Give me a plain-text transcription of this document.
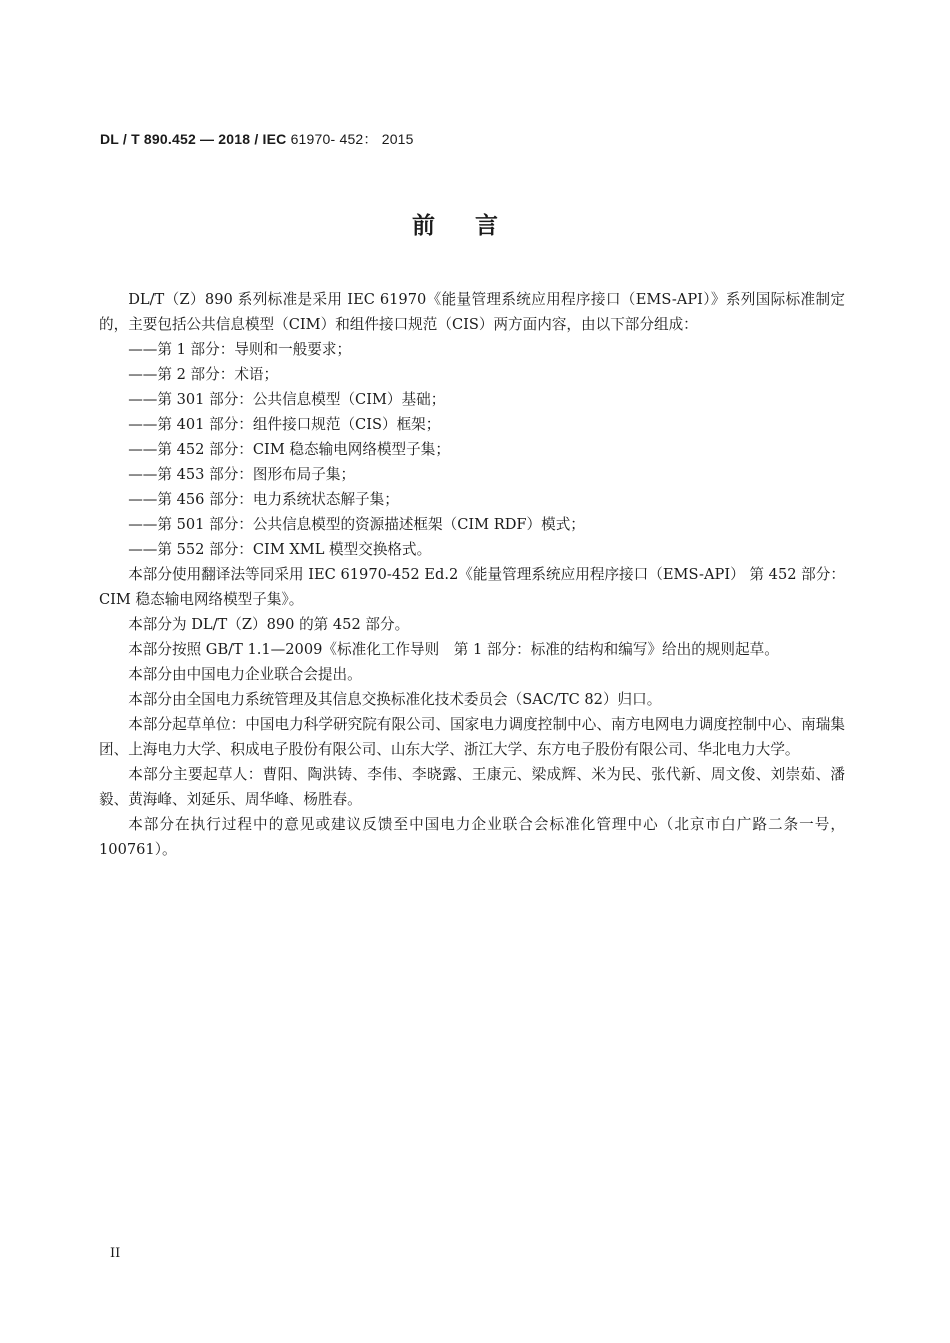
DL / T 890.452 — 2018 / IEC 61970- 452： 2015
前言

DL/T（Z）890 系列标准是采用 IEC 61970《能量管理系统应用程序接口（EMS-API）》系列国际标准制定的，主要包括公共信息模型（CIM）和组件接口规范（CIS）两方面内容，由以下部分组成：

——第 1 部分：导则和一般要求；
——第 2 部分：术语；
——第 301 部分：公共信息模型（CIM）基础；
——第 401 部分：组件接口规范（CIS）框架；
——第 452 部分：CIM 稳态输电网络模型子集；
——第 453 部分：图形布局子集；
——第 456 部分：电力系统状态解子集；
——第 501 部分：公共信息模型的资源描述框架（CIM RDF）模式；
——第 552 部分：CIM XML 模型交换格式。

本部分使用翻译法等同采用 IEC 61970-452 Ed.2《能量管理系统应用程序接口（EMS-API） 第 452 部分：CIM 稳态输电网络模型子集》。

本部分为 DL/T（Z）890 的第 452 部分。

本部分按照 GB/T 1.1—2009《标准化工作导则　第 1 部分：标准的结构和编写》给出的规则起草。

本部分由中国电力企业联合会提出。

本部分由全国电力系统管理及其信息交换标准化技术委员会（SAC/TC 82）归口。

本部分起草单位：中国电力科学研究院有限公司、国家电力调度控制中心、南方电网电力调度控制中心、南瑞集团、上海电力大学、积成电子股份有限公司、山东大学、浙江大学、东方电子股份有限公司、华北电力大学。

本部分主要起草人：曹阳、陶洪铸、李伟、李晓露、王康元、梁成辉、米为民、张代新、周文俊、刘崇茹、潘毅、黄海峰、刘延乐、周华峰、杨胜春。

本部分在执行过程中的意见或建议反馈至中国电力企业联合会标准化管理中心（北京市白广路二条一号，100761）。

II
